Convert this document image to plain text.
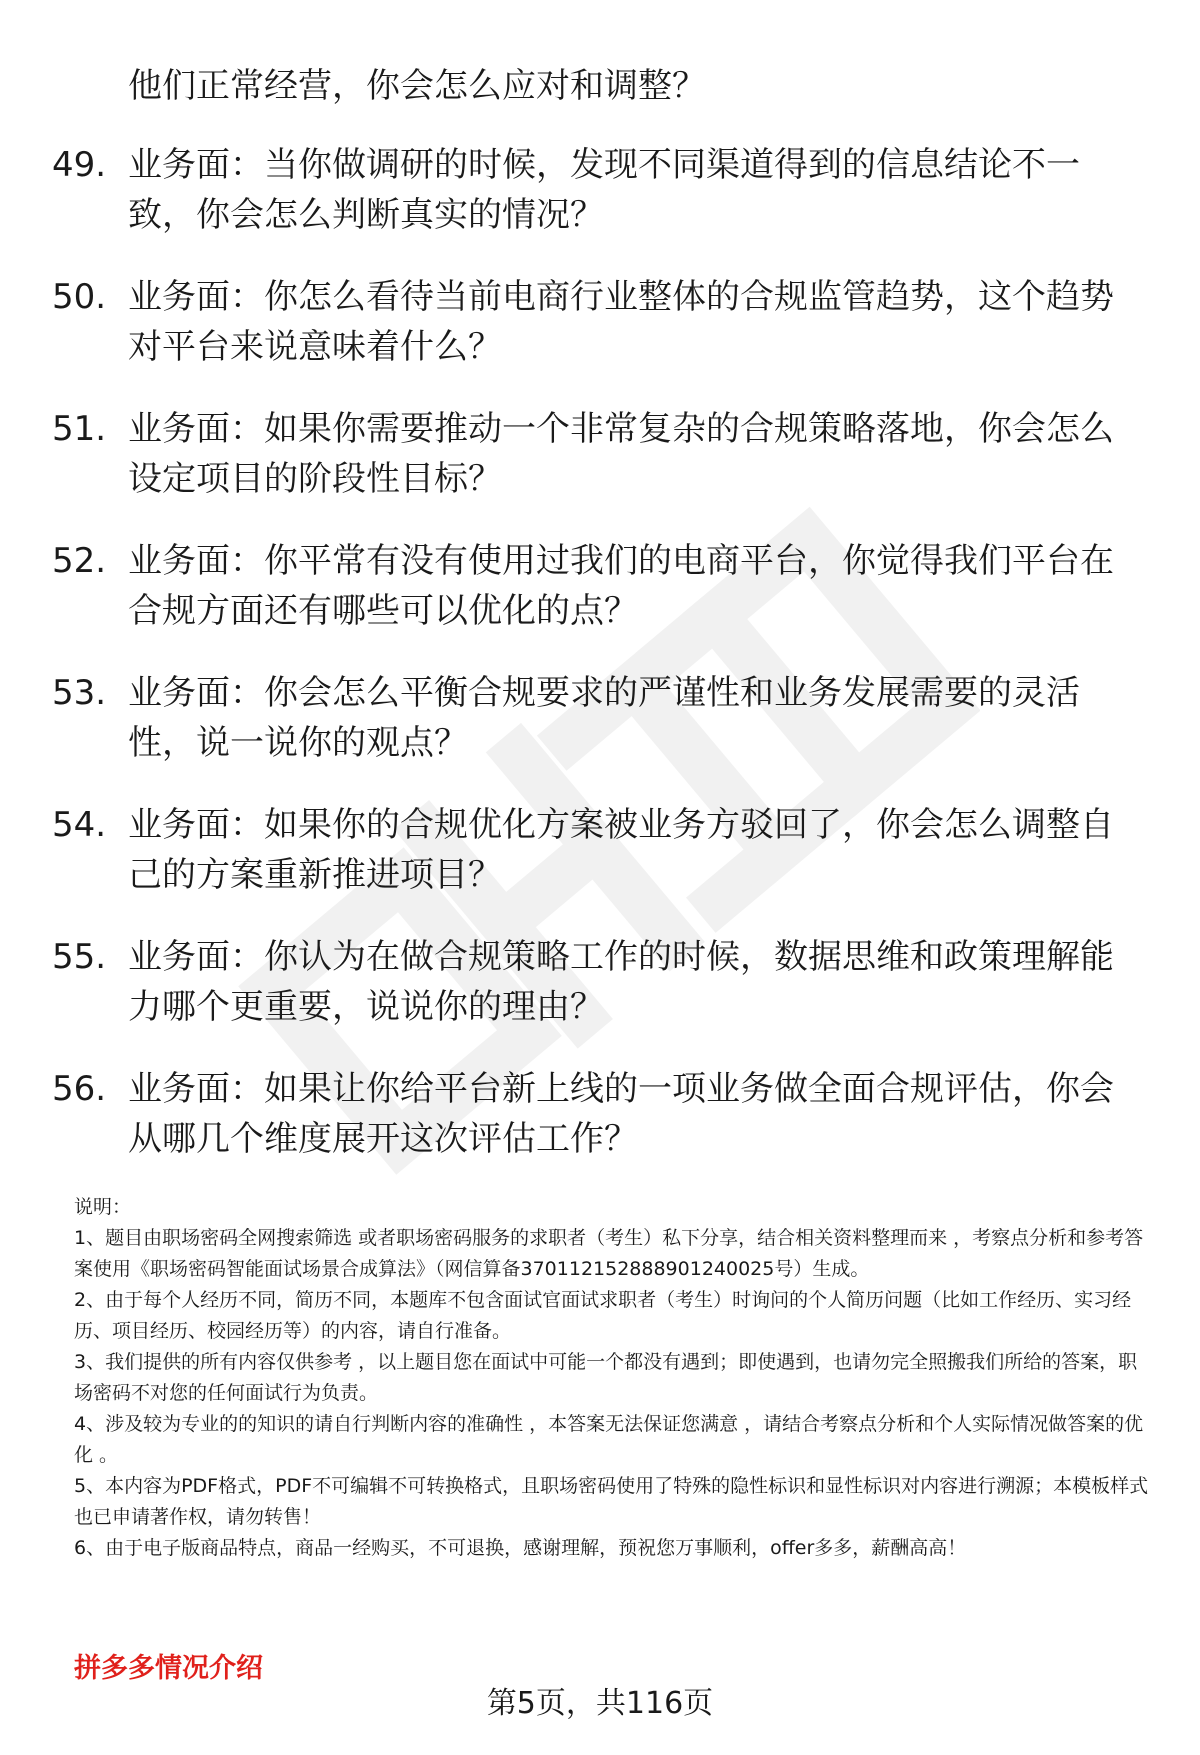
他们正常经营，你会怎么应对和调整？

49. 业务面：当你做调研的时候，发现不同渠道得到的信息结论不一致，你会怎么判断真实的情况？
50. 业务面：你怎么看待当前电商行业整体的合规监管趋势，这个趋势对平台来说意味着什么？
51. 业务面：如果你需要推动一个非常复杂的合规策略落地，你会怎么设定项目的阶段性目标？
52. 业务面：你平常有没有使用过我们的电商平台，你觉得我们平台在合规方面还有哪些可以优化的点？
53. 业务面：你会怎么平衡合规要求的严谨性和业务发展需要的灵活性，说一说你的观点？
54. 业务面：如果你的合规优化方案被业务方驳回了，你会怎么调整自己的方案重新推进项目？
55. 业务面：你认为在做合规策略工作的时候，数据思维和政策理解能力哪个更重要，说说你的理由？
56. 业务面：如果让你给平台新上线的一项业务做全面合规评估，你会从哪几个维度展开这次评估工作？

说明：

1、题目由职场密码全网搜索筛选 或者职场密码服务的求职者（考生）私下分享，结合相关资料整理而来 ，考察点分析和参考答案使用《职场密码智能面试场景合成算法》（网信算备370112152888901240025号）生成。

2、由于每个人经历不同，简历不同，本题库不包含面试官面试求职者（考生）时询问的个人简历问题（比如工作经历、实习经历、项目经历、校园经历等）的内容，请自行准备。

3、我们提供的所有内容仅供参考 ，以上题目您在面试中可能一个都没有遇到；即使遇到，也请勿完全照搬我们所给的答案，职场密码不对您的任何面试行为负责。

4、涉及较为专业的的知识的请自行判断内容的准确性 ，本答案无法保证您满意 ，请结合考察点分析和个人实际情况做答案的优化 。

5、本内容为PDF格式，PDF不可编辑不可转换格式，且职场密码使用了特殊的隐性标识和显性标识对内容进行溯源；本模板样式也已申请著作权，请勿转售！

6、由于电子版商品特点，商品一经购买，不可退换，感谢理解，预祝您万事顺利，offer多多，薪酬高高！

拼多多情况介绍

第5页，共116页
